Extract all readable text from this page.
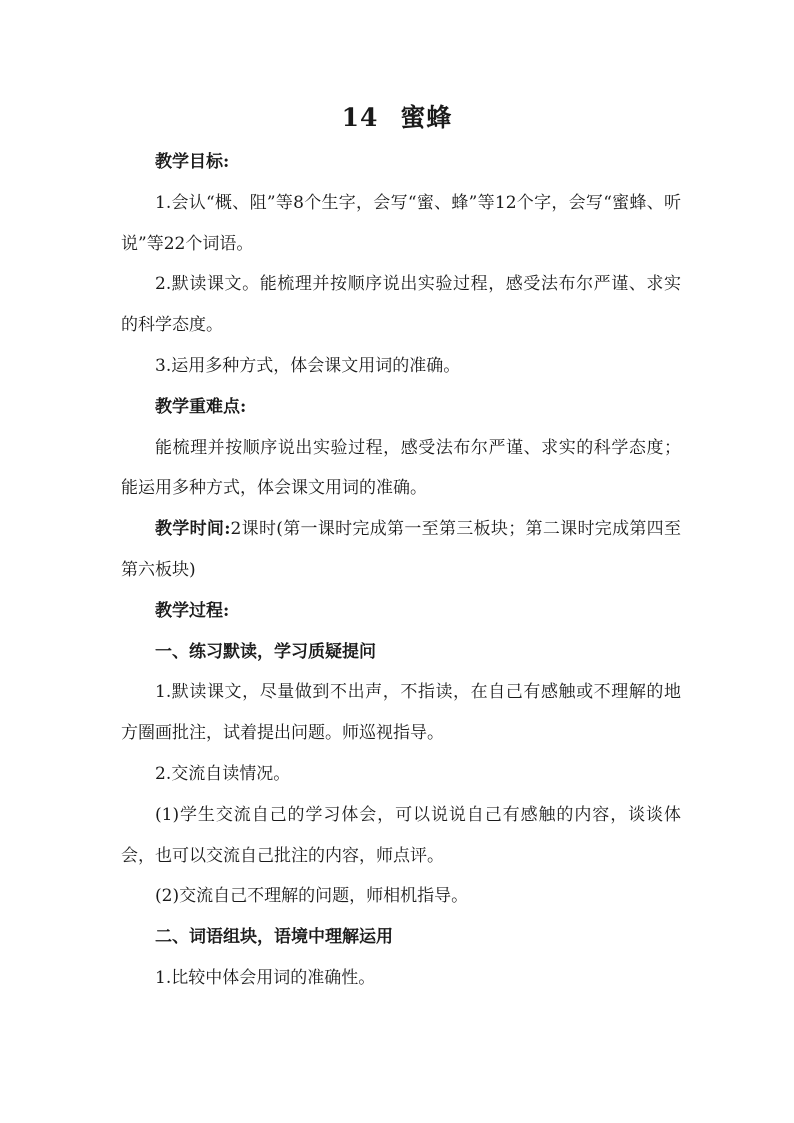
14 蜜蜂

教学目标:

1.会认“概、阻”等8个生字，会写“蜜、蜂”等12个字，会写“蜜蜂、听说”等22个词语。

2.默读课文。能梳理并按顺序说出实验过程，感受法布尔严谨、求实的科学态度。

3.运用多种方式，体会课文用词的准确。

教学重难点:

能梳理并按顺序说出实验过程，感受法布尔严谨、求实的科学态度；能运用多种方式，体会课文用词的准确。

教学时间:2课时(第一课时完成第一至第三板块；第二课时完成第四至第六板块)

教学过程:

一、练习默读，学习质疑提问

1.默读课文，尽量做到不出声，不指读，在自己有感触或不理解的地方圈画批注，试着提出问题。师巡视指导。

2.交流自读情况。

(1)学生交流自己的学习体会，可以说说自己有感触的内容，谈谈体会，也可以交流自己批注的内容，师点评。

(2)交流自己不理解的问题，师相机指导。

二、词语组块，语境中理解运用

1.比较中体会用词的准确性。
